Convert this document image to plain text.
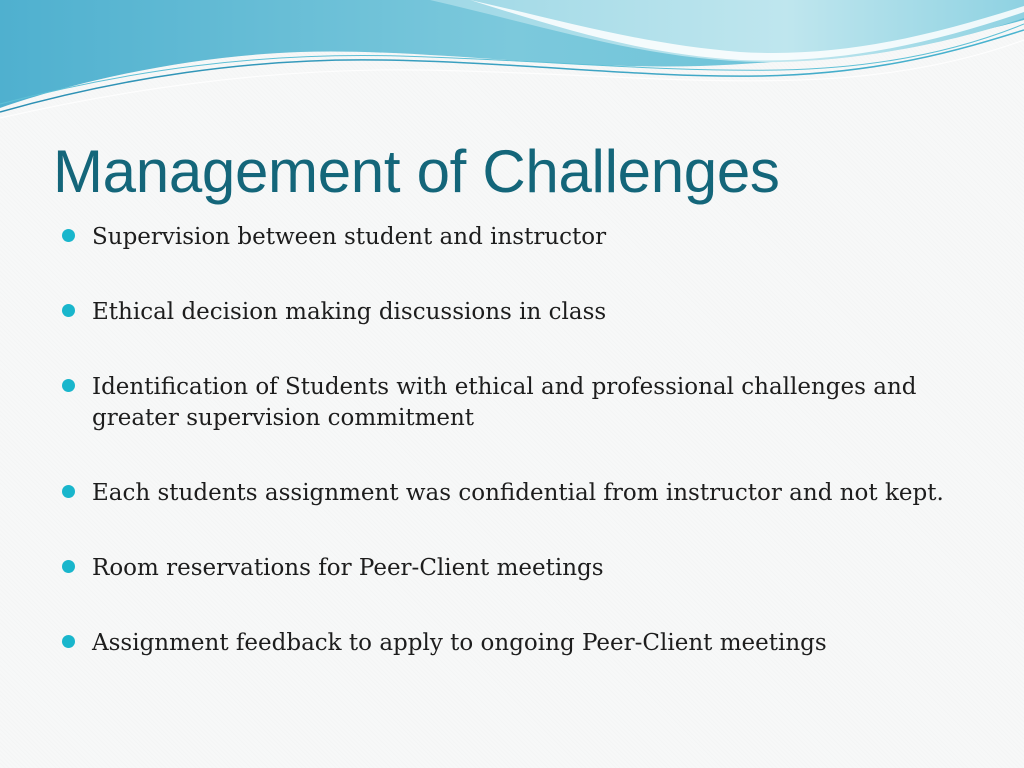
Management of Challenges
Supervision between student and instructor
Ethical decision making discussions in class
Identification of Students with ethical and professional challenges and greater supervision commitment
Each students assignment was confidential from instructor and not kept.
Room reservations for Peer-Client meetings
Assignment feedback to apply to ongoing Peer-Client meetings
